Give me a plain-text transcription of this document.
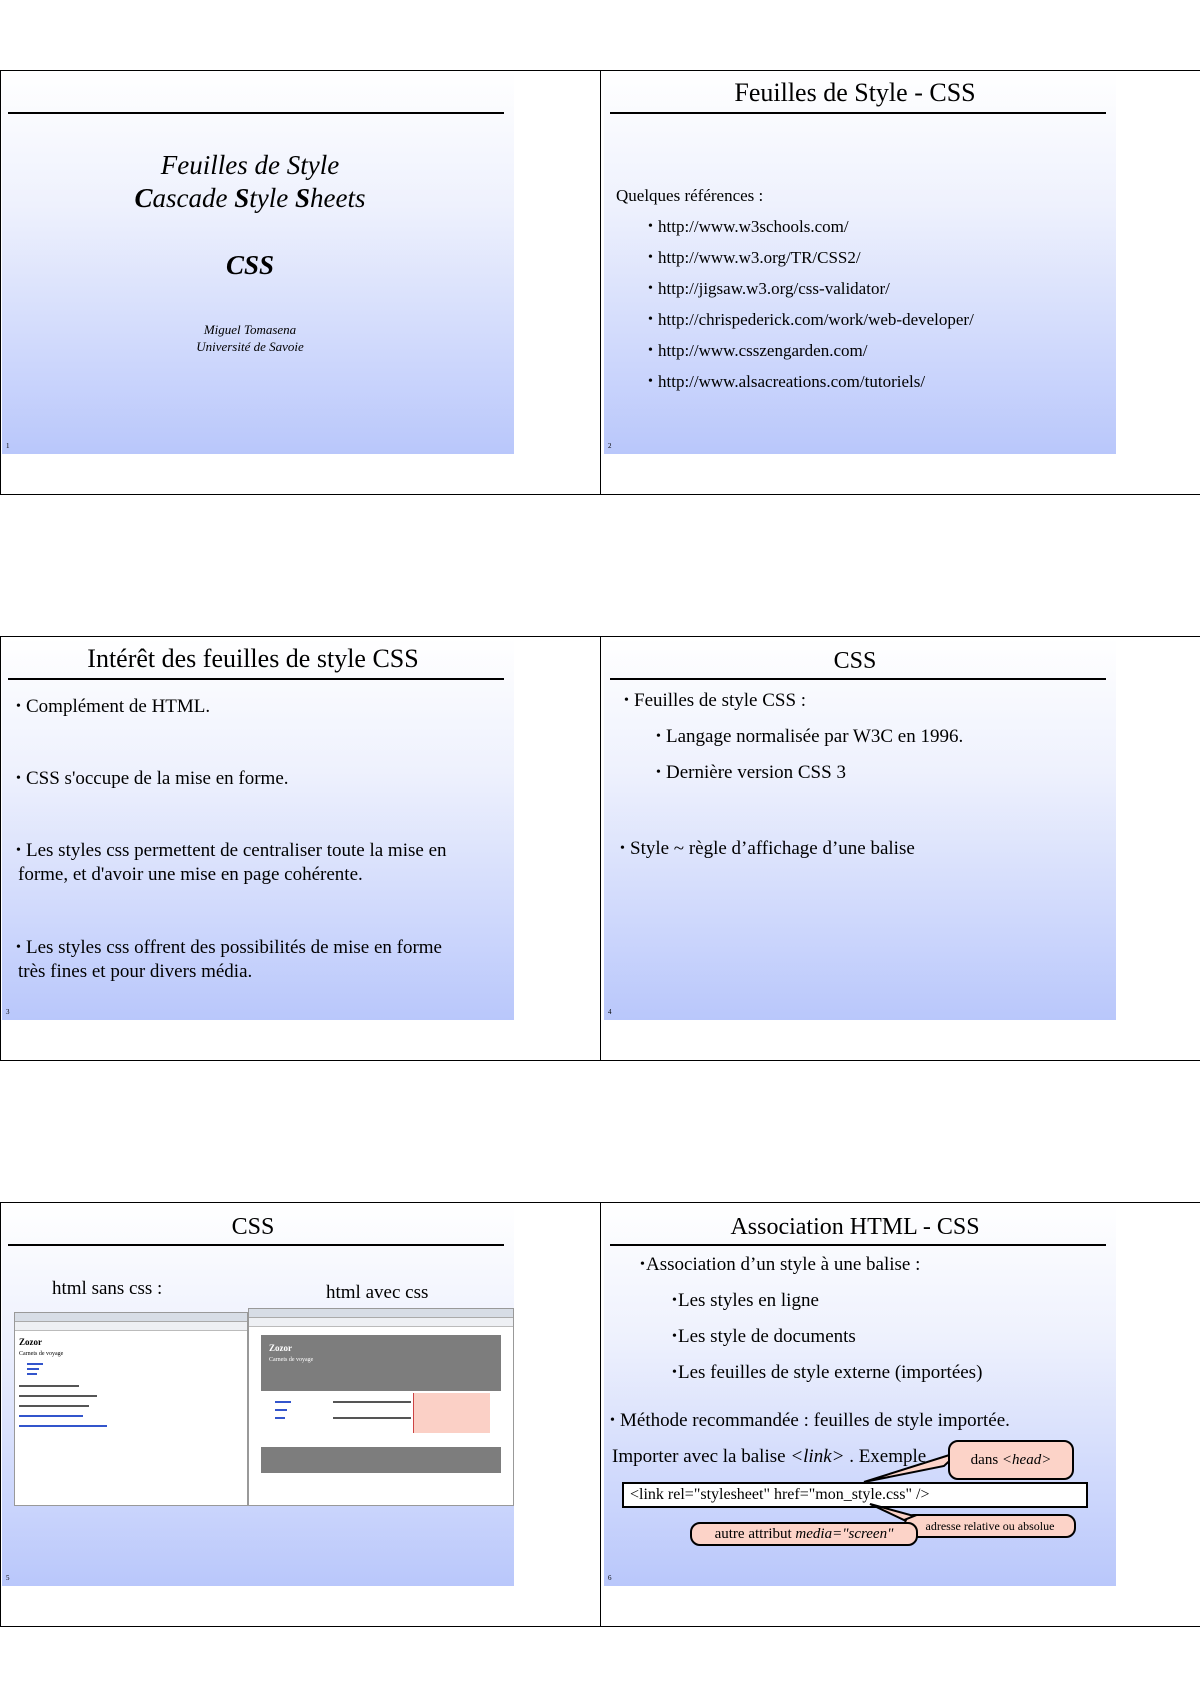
Feuilles de Style
Cascade Style Sheets
CSS
Miguel Tomasena
Université de Savoie
1
Feuilles de Style - CSS
Quelques références :
• http://www.w3schools.com/
• http://www.w3.org/TR/CSS2/
• http://jigsaw.w3.org/css-validator/
• http://chrispederick.com/work/web-developer/
• http://www.csszengarden.com/
• http://www.alsacreations.com/tutoriels/
2
Intérêt des feuilles de style CSS
• Complément de HTML.
• CSS s'occupe de la mise en forme.
• Les styles css permettent de centraliser toute la mise en
forme, et d'avoir une mise en page cohérente.
• Les styles css offrent des possibilités de mise en forme
très fines et pour divers média.
3
CSS
• Feuilles de style CSS :
• Langage normalisée par W3C en 1996.
• Dernière version CSS 3
• Style ~ règle d’affichage d’une balise
4
CSS
html sans css :	html avec css
Zozor
Carnets de voyage
Zozor
Carnets de voyage
5
Association HTML - CSS
•Association d’un style à une balise :
•Les styles en ligne
•Les style de documents
•Les feuilles de style externe (importées)
• Méthode recommandée : feuilles de style importée.
Importer avec la balise <link> . Exemple	dans <head>
<link rel="stylesheet" href="mon_style.css" />
adresse relative ou absolue
autre attribut media="screen"
6
